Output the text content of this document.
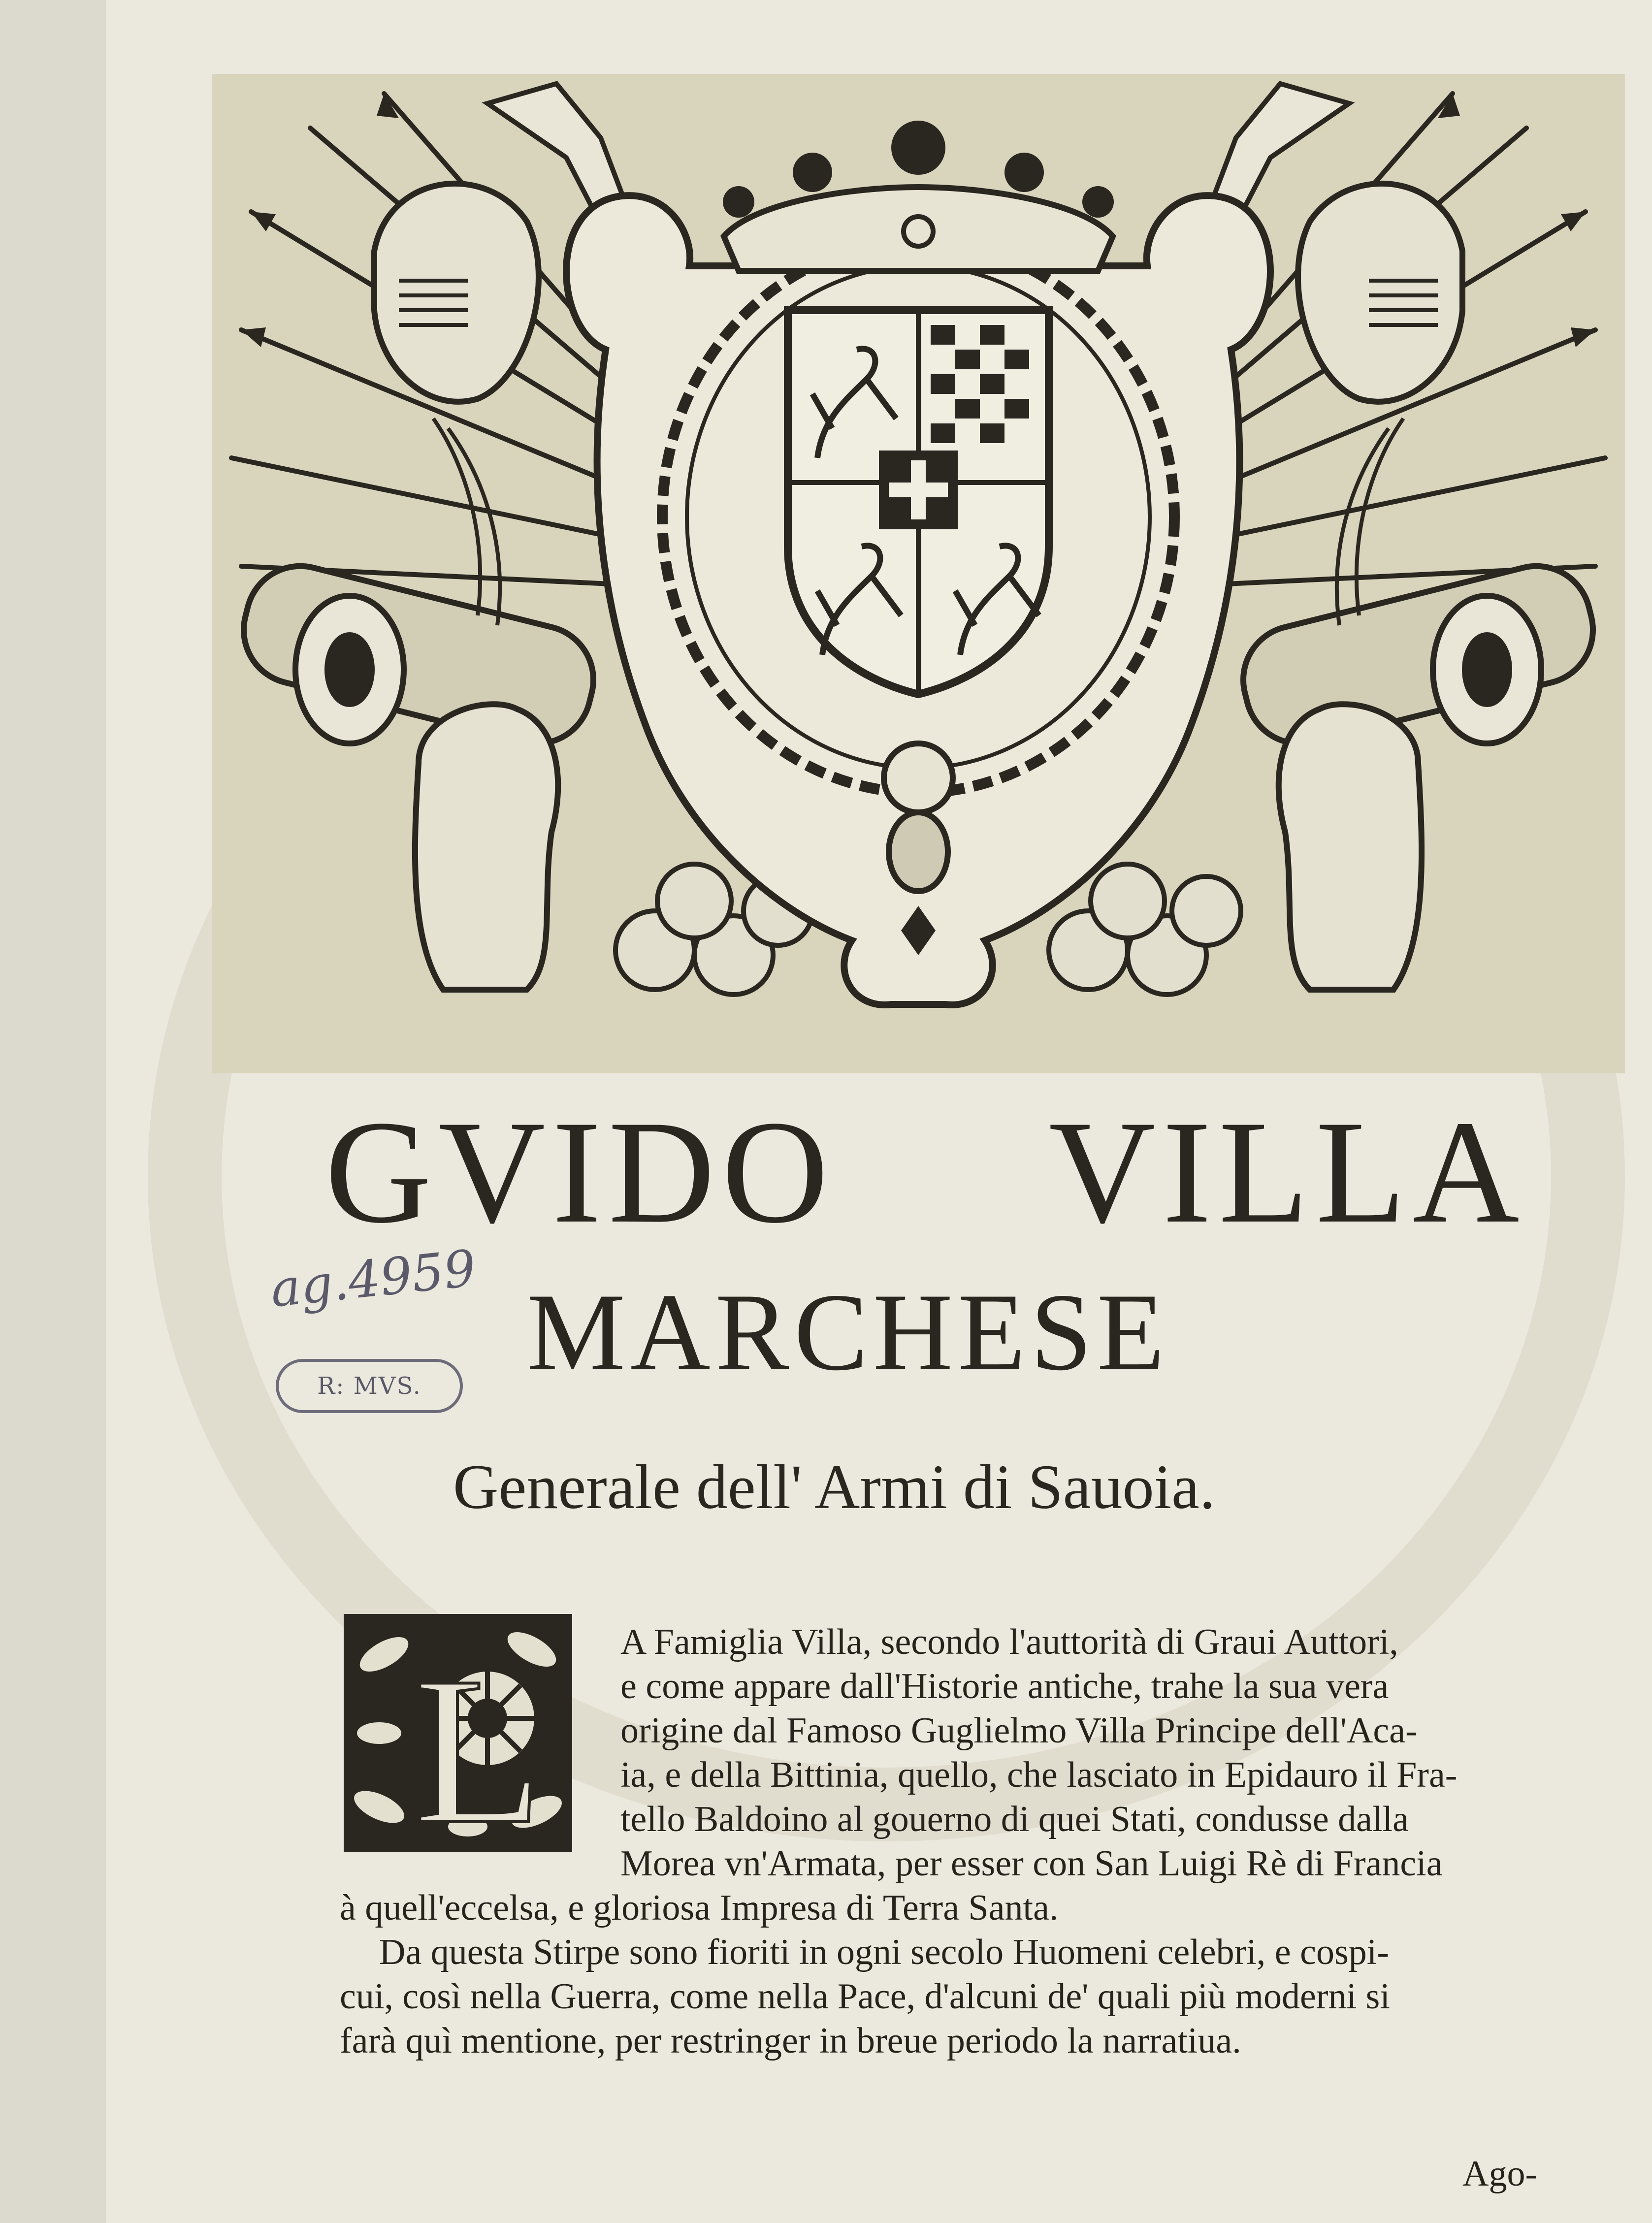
GVIDO VILLA
MARCHESE
Generale dell' Armi di Sauoia.
ag.4959
R: MVS.
L A Famiglia Villa, secondo l'auttorità di Graui Auttori,
e come appare dall'Historie antiche, trahe la sua vera
origine dal Famoso Guglielmo Villa Principe dell'Aca-
ia, e della Bittinia, quello, che lasciato in Epidauro il Fra-
tello Baldoino al gouerno di quei Stati, condusse dalla
Morea vn'Armata, per esser con San Luigi Rè di Francia
à quell'eccelsa, e gloriosa Impresa di Terra Santa.
Da questa Stirpe sono fioriti in ogni secolo Huomeni celebri, e cospi-
cui, così nella Guerra, come nella Pace, d'alcuni de' quali più moderni si
farà quì mentione, per restringer in breue periodo la narratiua.
Ago-
